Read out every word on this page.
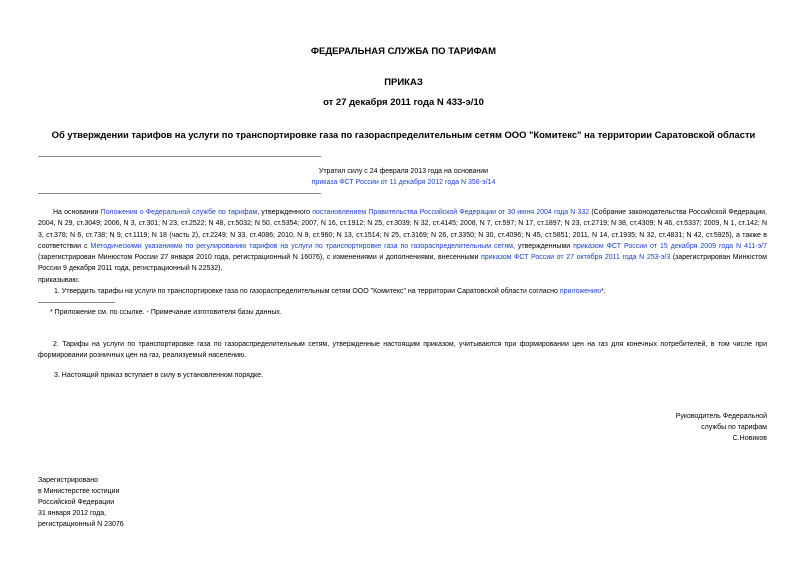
ФЕДЕРАЛЬНАЯ СЛУЖБА ПО ТАРИФАМ
ПРИКАЗ
от 27 декабря 2011 года N 433-э/10
Об утверждении тарифов на услуги по транспортировке газа по газораспределительным сетям ООО "Комитекс" на территории Саратовской области
Утратил силу с 24 февраля 2013 года на основании
приказа ФСТ России от 11 декабря 2012 года N 358-э/14
На основании Положения о Федеральной службе по тарифам, утвержденного постановлением Правительства Российской Федерации от 30 июня 2004 года N 332 (Собрание законодательства Российской Федерации, 2004, N 29, ст.3049; 2006, N 3, ст.301; N 23, ст.2522; N 48, ст.5032; N 50, ст.5354; 2007, N 16, ст.1912; N 25, ст.3039; N 32, ст.4145; 2008, N 7, ст.597; N 17, ст.1897; N 23, ст.2719; N 38, ст.4309; N 46, ст.5337; 2009, N 1, ст.142; N 3, ст.378; N 6, ст.738; N 9, ст.1119; N 18 (часть 2), ст.2249; N 33, ст.4086; 2010, N 9, ст.960; N 13, ст.1514; N 25, ст.3169; N 26, ст.3350; N 30, ст.4096; N 45, ст.5851; 2011, N 14, ст.1935; N 32, ст.4831; N 42, ст.5925), а также в соответствии с Методическими указаниями по регулированию тарифов на услуги по транспортировке газа по газораспределительным сетям, утвержденными приказом ФСТ России от 15 декабря 2009 года N 411-э/7 (зарегистрирован Минюстом России 27 января 2010 года, регистрационный N 16076), с изменениями и дополнениями, внесенными приказом ФСТ России от 27 октября 2011 года N 253-э/3 (зарегистрирован Минюстом России 9 декабря 2011 года, регистрационный N 22532),
приказываю:
1. Утвердить тарифы на услуги по транспортировке газа по газораспределительным сетям ООО "Комитекс" на территории Саратовской области согласно приложению*.
* Приложение см. по ссылке. - Примечание изготовителя базы данных.
2. Тарифы на услуги по транспортировке газа по газораспределительным сетям, утвержденные настоящим приказом, учитываются при формировании цен на газ для конечных потребителей, в том числе при формировании розничных цен на газ, реализуемый населению.
3. Настоящий приказ вступает в силу в установленном порядке.
Руководитель Федеральной
службы по тарифам
С.Новиков
Зарегистрировано
в Министерстве юстиции
Российской Федерации
31 января 2012 года,
регистрационный N 23076
